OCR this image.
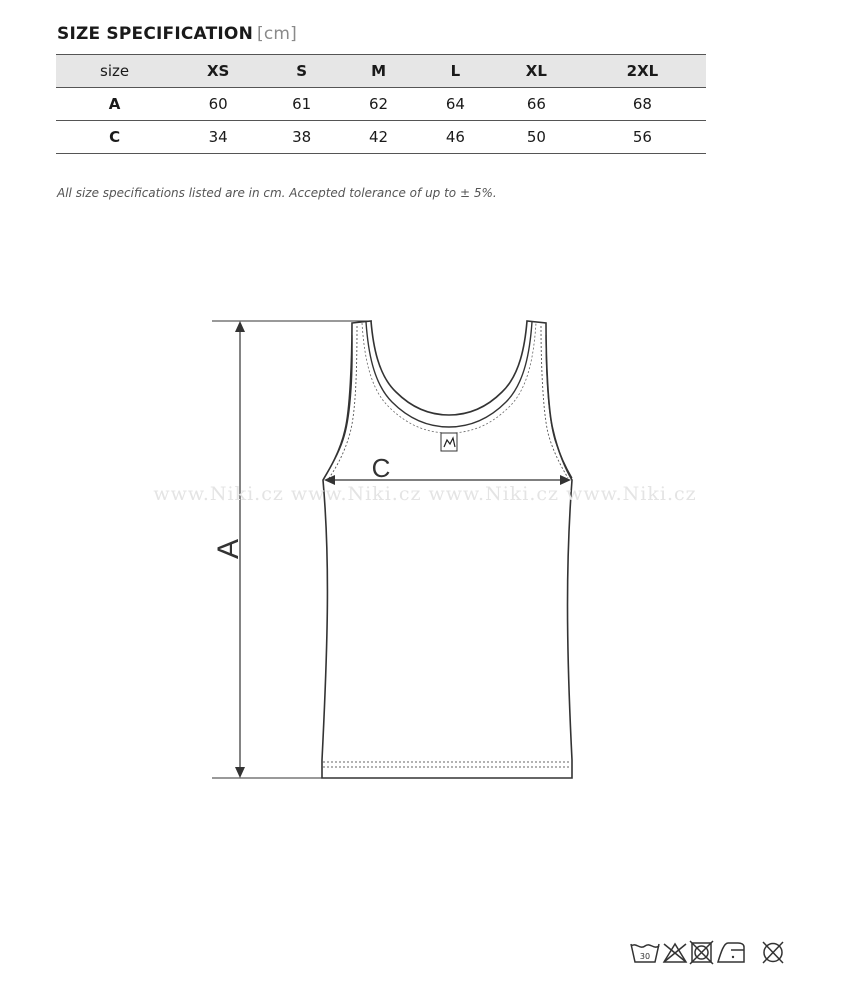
SIZE SPECIFICATION [cm]
size	XS	S	M	L	XL	2XL
A	60	61	62	64	66	68
C	34	38	42	46	50	56
All size specifications listed are in cm. Accepted tolerance of up to ± 5%.
A
C
www.Niki.cz www.Niki.cz www.Niki.cz www.Niki.cz
30
